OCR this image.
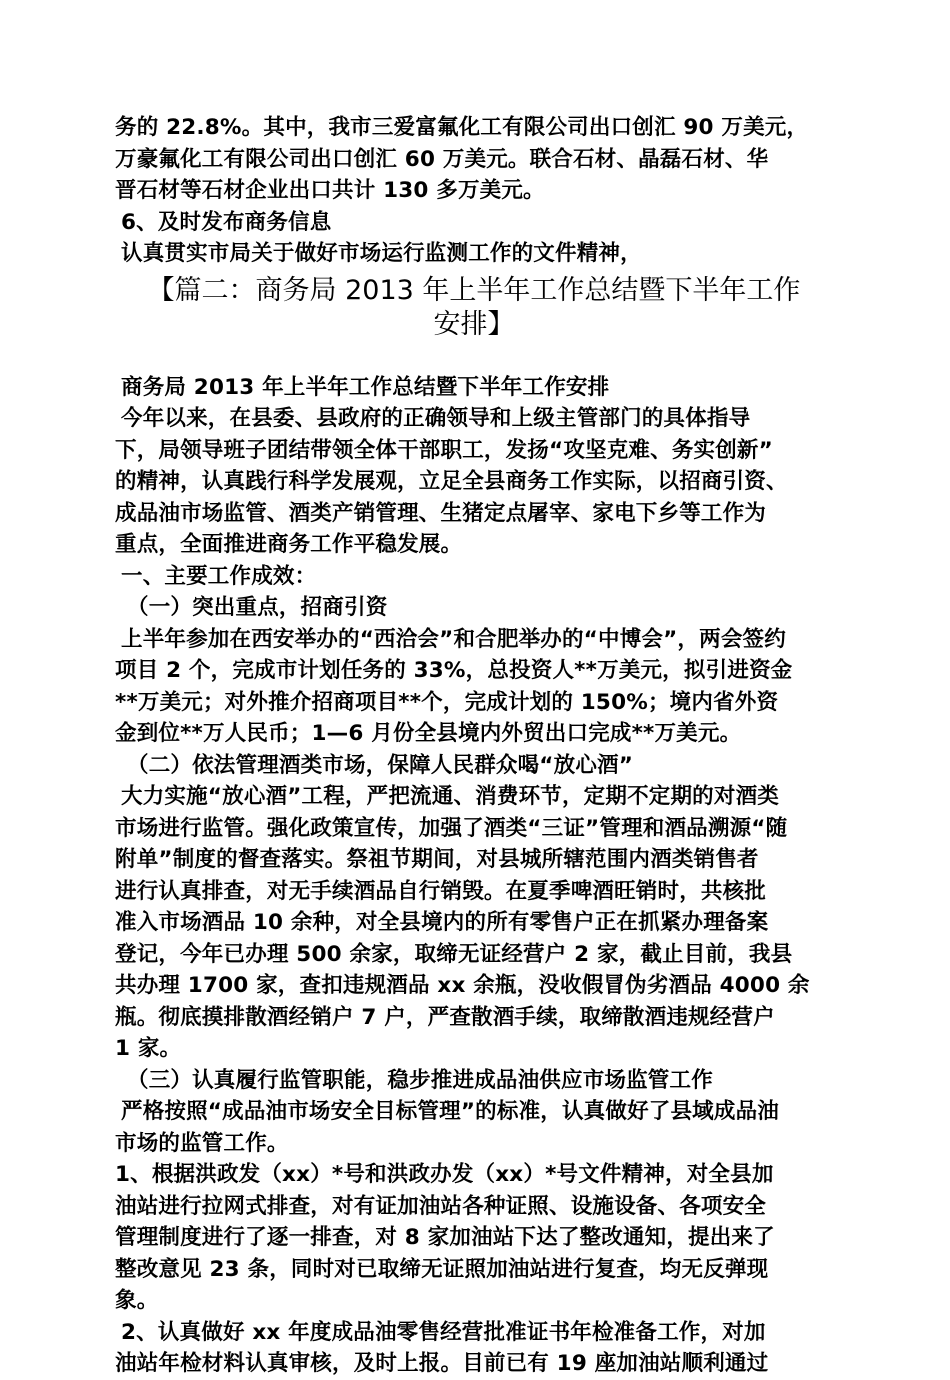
务的 22.8%。其中，我市三爱富氟化工有限公司出口创汇 90 万美元，

万豪氟化工有限公司出口创汇 60 万美元。联合石材、晶磊石材、华

晋石材等石材企业出口共计 130 多万美元。

6、及时发布商务信息

认真贯实市局关于做好市场运行监测工作的文件精神，

【篇二：商务局 2013 年上半年工作总结暨下半年工作
安排】

商务局 2013 年上半年工作总结暨下半年工作安排

今年以来，在县委、县政府的正确领导和上级主管部门的具体指导

下，局领导班子团结带领全体干部职工，发扬“攻坚克难、务实创新”

的精神，认真践行科学发展观，立足全县商务工作实际，以招商引资、

成品油市场监管、酒类产销管理、生猪定点屠宰、家电下乡等工作为

重点，全面推进商务工作平稳发展。

一、主要工作成效：

（一）突出重点，招商引资

上半年参加在西安举办的“西洽会”和合肥举办的“中博会”，两会签约

项目 2 个，完成市计划任务的 33%，总投资人**万美元，拟引进资金

**万美元；对外推介招商项目**个，完成计划的 150%；境内省外资

金到位**万人民币；1—6 月份全县境内外贸出口完成**万美元。

（二）依法管理酒类市场，保障人民群众喝“放心酒”

大力实施“放心酒”工程，严把流通、消费环节，定期不定期的对酒类

市场进行监管。强化政策宣传，加强了酒类“三证”管理和酒品溯源“随

附单”制度的督查落实。祭祖节期间，对县城所辖范围内酒类销售者

进行认真排查，对无手续酒品自行销毁。在夏季啤酒旺销时，共核批

准入市场酒品 10 余种，对全县境内的所有零售户正在抓紧办理备案

登记，今年已办理 500 余家，取缔无证经营户 2 家，截止目前，我县

共办理 1700 家，查扣违规酒品 xx 余瓶，没收假冒伪劣酒品 4000 余

瓶。彻底摸排散酒经销户 7 户，严查散酒手续，取缔散酒违规经营户

1 家。

（三）认真履行监管职能，稳步推进成品油供应市场监管工作

严格按照“成品油市场安全目标管理”的标准，认真做好了县域成品油

市场的监管工作。

1、根据洪政发（xx）*号和洪政办发（xx）*号文件精神，对全县加

油站进行拉网式排查，对有证加油站各种证照、设施设备、各项安全

管理制度进行了逐一排查，对 8 家加油站下达了整改通知，提出来了

整改意见 23 条，同时对已取缔无证照加油站进行复查，均无反弹现

象。

2、认真做好 xx 年度成品油零售经营批准证书年检准备工作，对加

油站年检材料认真审核，及时上报。目前已有 19 座加油站顺利通过
